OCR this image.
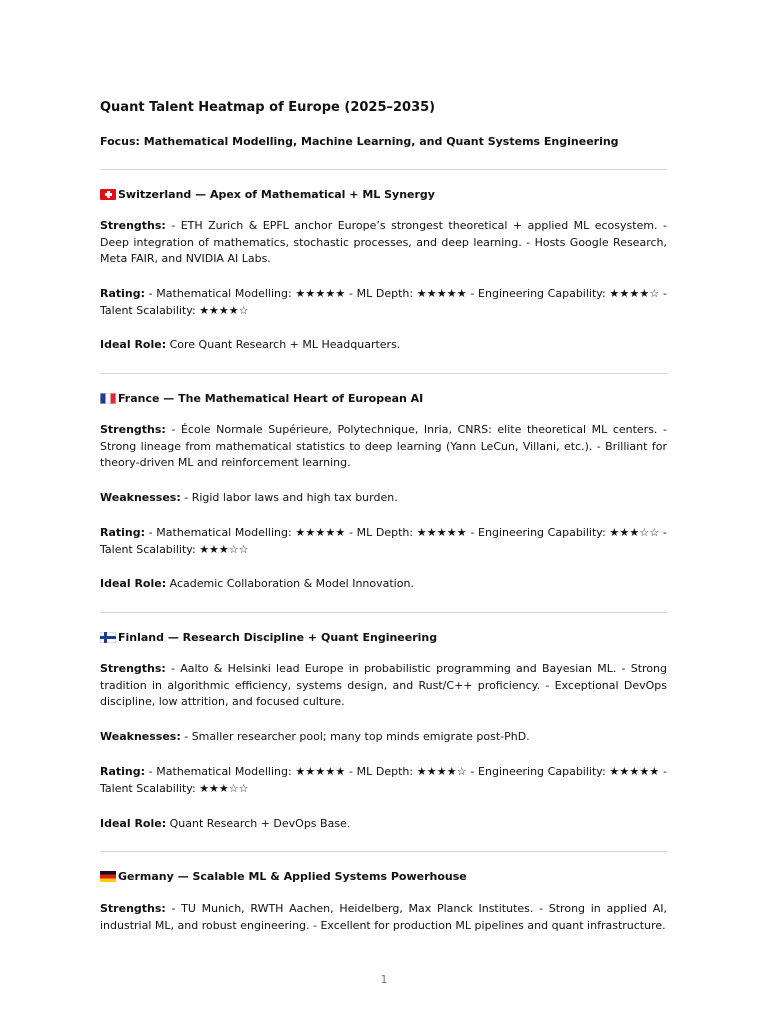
Quant Talent Heatmap of Europe (2025–2035)

Focus: Mathematical Modelling, Machine Learning, and Quant Systems Engineering

Switzerland — Apex of Mathematical + ML Synergy

Strengths: - ETH Zurich & EPFL anchor Europe’s strongest theoretical + applied ML ecosystem. - Deep integration of mathematics, stochastic processes, and deep learning. - Hosts Google Research, Meta FAIR, and NVIDIA AI Labs.

Rating: - Mathematical Modelling: ★★★★★ - ML Depth: ★★★★★ - Engineering Capability: ★★★★☆ - Talent Scalability: ★★★★☆

Ideal Role: Core Quant Research + ML Headquarters.

France — The Mathematical Heart of European AI

Strengths: - École Normale Supérieure, Polytechnique, Inria, CNRS: elite theoretical ML centers. - Strong lineage from mathematical statistics to deep learning (Yann LeCun, Villani, etc.). - Brilliant for theory-driven ML and reinforcement learning.

Weaknesses: - Rigid labor laws and high tax burden.

Rating: - Mathematical Modelling: ★★★★★ - ML Depth: ★★★★★ - Engineering Capability: ★★★☆☆ - Talent Scalability: ★★★☆☆

Ideal Role: Academic Collaboration & Model Innovation.

Finland — Research Discipline + Quant Engineering

Strengths: - Aalto & Helsinki lead Europe in probabilistic programming and Bayesian ML. - Strong tradition in algorithmic efficiency, systems design, and Rust/C++ proficiency. - Exceptional DevOps discipline, low attrition, and focused culture.

Weaknesses: - Smaller researcher pool; many top minds emigrate post-PhD.

Rating: - Mathematical Modelling: ★★★★★ - ML Depth: ★★★★☆ - Engineering Capability: ★★★★★ - Talent Scalability: ★★★☆☆

Ideal Role: Quant Research + DevOps Base.

Germany — Scalable ML & Applied Systems Powerhouse

Strengths: - TU Munich, RWTH Aachen, Heidelberg, Max Planck Institutes. - Strong in applied AI, industrial ML, and robust engineering. - Excellent for production ML pipelines and quant infrastructure.

1
